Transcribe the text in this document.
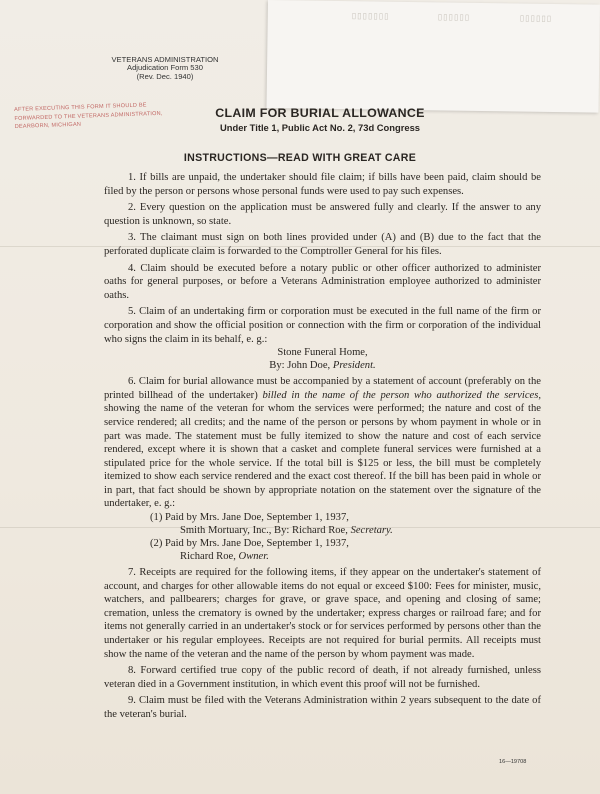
▯▯▯▯▯▯▯	▯▯▯▯▯▯	▯▯▯▯▯▯
VETERANS ADMINISTRATION
Adjudication Form 530
(Rev. Dec. 1940)
AFTER EXECUTING THIS FORM IT SHOULD BE
FORWARDED TO THE VETERANS ADMINISTRATION,
DEARBORN, MICHIGAN
CLAIM FOR BURIAL ALLOWANCE
Under Title 1, Public Act No. 2, 73d Congress
INSTRUCTIONS—READ WITH GREAT CARE

1. If bills are unpaid, the undertaker should file claim; if bills have been paid, claim should be filed by the person or persons whose personal funds were used to pay such expenses.

2. Every question on the application must be answered fully and clearly. If the answer to any question is unknown, so state.

3. The claimant must sign on both lines provided under (A) and (B) due to the fact that the perforated duplicate claim is forwarded to the Comptroller General for his files.

4. Claim should be executed before a notary public or other officer authorized to administer oaths for general purposes, or before a Veterans Administration employee authorized to administer oaths.

5. Claim of an undertaking firm or corporation must be executed in the full name of the firm or corporation and show the official position or connection with the firm or corporation of the individual who signs the claim in its behalf, e. g.:

Stone Funeral Home,

By: John Doe, President.

6. Claim for burial allowance must be accompanied by a statement of account (preferably on the printed billhead of the undertaker) billed in the name of the person who authorized the services, showing the name of the veteran for whom the services were performed; the nature and cost of the service rendered; all credits; and the name of the person or persons by whom payment in whole or in part was made. The statement must be fully itemized to show the nature and cost of each service rendered, except where it is shown that a casket and complete funeral services were furnished at a stipulated price for the whole service. If the total bill is $125 or less, the bill must be completely itemized to show each service rendered and the exact cost thereof. If the bill has been paid in whole or in part, that fact should be shown by appropriate notation on the statement over the signature of the undertaker, e. g.:

(1) Paid by Mrs. Jane Doe, September 1, 1937,

Smith Mortuary, Inc., By: Richard Roe, Secretary.

(2) Paid by Mrs. Jane Doe, September 1, 1937,

Richard Roe, Owner.

7. Receipts are required for the following items, if they appear on the undertaker's statement of account, and charges for other allowable items do not equal or exceed $100: Fees for minister, music, watchers, and pallbearers; charges for grave, or grave space, and opening and closing of same; cremation, unless the crematory is owned by the undertaker; express charges or railroad fare; and for items not generally carried in an undertaker's stock or for services performed by persons other than the undertaker or his regular employees. Receipts are not required for burial permits. All receipts must show the name of the veteran and the name of the person by whom payment was made.

8. Forward certified true copy of the public record of death, if not already furnished, unless veteran died in a Government institution, in which event this proof will not be furnished.

9. Claim must be filed with the Veterans Administration within 2 years subsequent to the date of the veteran's burial.

16—19708
